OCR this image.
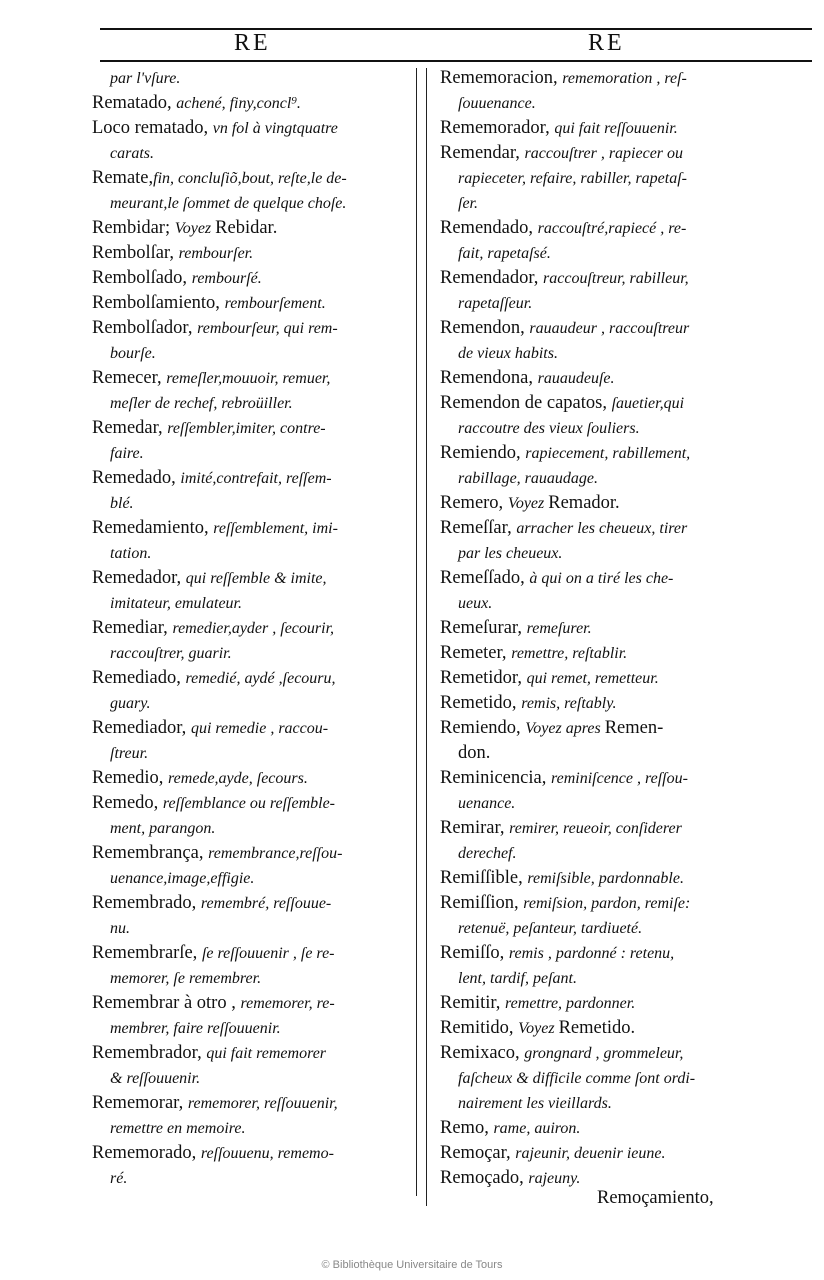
RE	RE
par l'vſure.
Rematado, achené, finy,concl⁹.
Loco rematado, vn fol à vingtquatre
carats.
Remate,fin, concluſiõ,bout, reſte,le de-
meurant,le ſommet de quelque choſe.
Rembidar; Voyez Rebidar.
Rembolſar, rembourſer.
Rembolſado, rembourſé.
Rembolſamiento, rembourſement.
Rembolſador, rembourſeur, qui rem-
bourſe.
Remecer, remeſler,mouuoir, remuer,
meſler de rechef, rebroüiller.
Remedar, reſſembler,imiter, contre-
faire.
Remedado, imité,contrefait, reſſem-
blé.
Remedamiento, reſſemblement, imi-
tation.
Remedador, qui reſſemble & imite,
imitateur, emulateur.
Remediar, remedier,ayder , ſecourir,
raccouſtrer, guarir.
Remediado, remedié, aydé ,ſecouru,
guary.
Remediador, qui remedie , raccou-
ſtreur.
Remedio, remede,ayde, ſecours.
Remedo, reſſemblance ou reſſemble-
ment, parangon.
Remembrança, remembrance,reſſou-
uenance,image,effigie.
Remembrado, remembré, reſſouue-
nu.
Remembrarſe, ſe reſſouuenir , ſe re-
memorer, ſe remembrer.
Remembrar à otro , rememorer, re-
membrer, faire reſſouuenir.
Remembrador, qui fait rememorer
& reſſouuenir.
Rememorar, rememorer, reſſouuenir,
remettre en memoire.
Rememorado, reſſouuenu, rememo-
ré.
Rememoracion, rememoration , reſ-
ſouuenance.
Rememorador, qui fait reſſouuenir.
Remendar, raccouſtrer , rapiecer ou
rapieceter, refaire, rabiller, rapetaſ-
ſer.
Remendado, raccouſtré,rapiecé , re-
fait, rapetaſsé.
Remendador, raccouſtreur, rabilleur,
rapetaſſeur.
Remendon, rauaudeur , raccouſtreur
de vieux habits.
Remendona, rauaudeuſe.
Remendon de capatos, ſauetier,qui
raccoutre des vieux ſouliers.
Remiendo, rapiecement, rabillement,
rabillage, rauaudage.
Remero, Voyez Remador.
Remeſſar, arracher les cheueux, tirer
par les cheueux.
Remeſſado, à qui on a tiré les che-
ueux.
Remeſurar, remeſurer.
Remeter, remettre, reſtablir.
Remetidor, qui remet, remetteur.
Remetido, remis, reſtably.
Remiendo, Voyez apres Remen-
don.
Reminicencia, reminiſcence , reſſou-
uenance.
Remirar, remirer, reueoir, conſiderer
derechef.
Remiſſible, remiſsible, pardonnable.
Remiſſion, remiſsion, pardon, remiſe:
retenuë, peſanteur, tardiueté.
Remiſſo, remis , pardonné : retenu,
lent, tardif, peſant.
Remitir, remettre, pardonner.
Remitido, Voyez Remetido.
Remixaco, grongnard , grommeleur,
faſcheux & difficile comme ſont ordi-
nairement les vieillards.
Remo, rame, auiron.
Remoçar, rajeunir, deuenir ieune.
Remoçado, rajeuny.
Remoçamiento,
© Bibliothèque Universitaire de Tours
